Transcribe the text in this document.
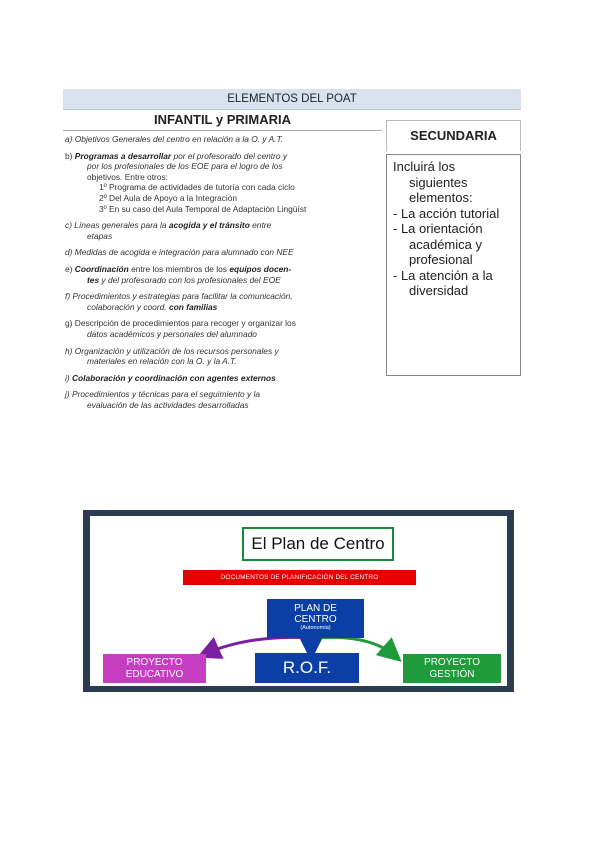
ELEMENTOS DEL POAT
INFANTIL y PRIMARIA
a) Objetivos Generales del centro en relación a la O. y A.T.
b) Programas a desarrollar por el profesorado del centro y
por los profesionales de los EOE para el logro de los
objetivos. Entre otros:
1º Programa de actividades de tutoría con cada ciclo
2º Del Aula de Apoyo a la Integración
3º En su caso del Aula Temporal de Adaptación Lingüíst
c) Líneas generales para la acogida y el tránsito entre
etapas
d) Medidas de acogida e integración para alumnado con NEE
e) Coordinación entre los miembros de los equipos docen-
tes y del profesorado con los profesionales del EOE
f) Procedimientos y estrategias para facilitar la comunicación,
colaboración y coord. con familias
g) Descripción de procedimientos para recoger y organizar los
datos académicos y personales del alumnado
h) Organización y utilización de los recursos personales y
materiales en relación con la O. y la A.T.
i) Colaboración y coordinación con agentes externos
j) Procedimientos y técnicas para el seguimiento y la
evaluación de las actividades desarrolladas
SECUNDARIA
Incluirá los
siguientes
elementos:
- La acción tutorial
- La orientación
académica y
profesional
- La atención a la
diversidad
El Plan de Centro
DOCUMENTOS DE PLANIFICACIÓN DEL CENTRO
PLAN DE
CENTRO
(Autonomía)
R.O.F.
PROYECTO
EDUCATIVO
PROYECTO
GESTIÓN
